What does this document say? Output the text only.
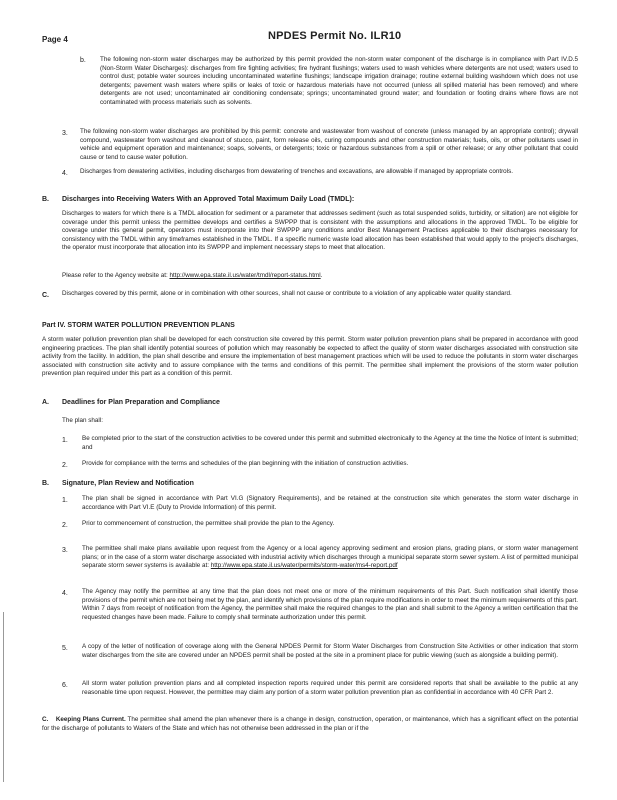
Page 4	NPDES Permit No. ILR10
b. The following non-storm water discharges may be authorized by this permit provided the non-storm water component of the discharge is in compliance with Part IV.D.5 (Non-Storm Water Discharges): discharges from fire fighting activities; fire hydrant flushings; waters used to wash vehicles where detergents are not used; waters used to control dust; potable water sources including uncontaminated waterline flushings; landscape irrigation drainage; routine external building washdown which does not use detergents; pavement wash waters where spills or leaks of toxic or hazardous materials have not occurred (unless all spilled material has been removed) and where detergents are not used; uncontaminated air conditioning condensate; springs; uncontaminated ground water; and foundation or footing drains where flows are not contaminated with process materials such as solvents.
3. The following non-storm water discharges are prohibited by this permit: concrete and wastewater from washout of concrete (unless managed by an appropriate control); drywall compound, wastewater from washout and cleanout of stucco, paint, form release oils, curing compounds and other construction materials; fuels, oils, or other pollutants used in vehicle and equipment operation and maintenance; soaps, solvents, or detergents; toxic or hazardous substances from a spill or other release; or any other pollutant that could cause or tend to cause water pollution.
4. Discharges from dewatering activities, including discharges from dewatering of trenches and excavations, are allowable if managed by appropriate controls.
B. Discharges into Receiving Waters With an Approved Total Maximum Daily Load (TMDL):
Discharges to waters for which there is a TMDL allocation for sediment or a parameter that addresses sediment (such as total suspended solids, turbidity, or siltation) are not eligible for coverage under this permit unless the permittee develops and certifies a SWPPP that is consistent with the assumptions and allocations in the approved TMDL. To be eligible for coverage under this general permit, operators must incorporate into their SWPPP any conditions and/or Best Management Practices applicable to their discharges necessary for consistency with the TMDL within any timeframes established in the TMDL. If a specific numeric waste load allocation has been established that would apply to the project's discharges, the operator must incorporate that allocation into its SWPPP and implement necessary steps to meet that allocation.
Please refer to the Agency website at: http://www.epa.state.il.us/water/tmdl/report-status.html.
C. Discharges covered by this permit, alone or in combination with other sources, shall not cause or contribute to a violation of any applicable water quality standard.
Part IV. STORM WATER POLLUTION PREVENTION PLANS
A storm water pollution prevention plan shall be developed for each construction site covered by this permit. Storm water pollution prevention plans shall be prepared in accordance with good engineering practices. The plan shall identify potential sources of pollution which may reasonably be expected to affect the quality of storm water discharges associated with construction site activity from the facility. In addition, the plan shall describe and ensure the implementation of best management practices which will be used to reduce the pollutants in storm water discharges associated with construction site activity and to assure compliance with the terms and conditions of this permit. The permittee shall implement the provisions of the storm water pollution prevention plan required under this part as a condition of this permit.
A. Deadlines for Plan Preparation and Compliance
The plan shall:
1. Be completed prior to the start of the construction activities to be covered under this permit and submitted electronically to the Agency at the time the Notice of Intent is submitted; and
2. Provide for compliance with the terms and schedules of the plan beginning with the initiation of construction activities.
B. Signature, Plan Review and Notification
1. The plan shall be signed in accordance with Part VI.G (Signatory Requirements), and be retained at the construction site which generates the storm water discharge in accordance with Part VI.E (Duty to Provide Information) of this permit.
2. Prior to commencement of construction, the permittee shall provide the plan to the Agency.
3. The permittee shall make plans available upon request from the Agency or a local agency approving sediment and erosion plans, grading plans, or storm water management plans; or in the case of a storm water discharge associated with industrial activity which discharges through a municipal separate storm sewer system. A list of permitted municipal separate storm sewer systems is available at: http://www.epa.state.il.us/water/permits/storm-water/ms4-report.pdf
4. The Agency may notify the permittee at any time that the plan does not meet one or more of the minimum requirements of this Part. Such notification shall identify those provisions of the permit which are not being met by the plan, and identify which provisions of the plan require modifications in order to meet the minimum requirements of this part. Within 7 days from receipt of notification from the Agency, the permittee shall make the required changes to the plan and shall submit to the Agency a written certification that the requested changes have been made. Failure to comply shall terminate authorization under this permit.
5. A copy of the letter of notification of coverage along with the General NPDES Permit for Storm Water Discharges from Construction Site Activities or other indication that storm water discharges from the site are covered under an NPDES permit shall be posted at the site in a prominent place for public viewing (such as alongside a building permit).
6. All storm water pollution prevention plans and all completed inspection reports required under this permit are considered reports that shall be available to the public at any reasonable time upon request. However, the permittee may claim any portion of a storm water pollution prevention plan as confidential in accordance with 40 CFR Part 2.
C. Keeping Plans Current. The permittee shall amend the plan whenever there is a change in design, construction, operation, or maintenance, which has a significant effect on the potential for the discharge of pollutants to Waters of the State and which has not otherwise been addressed in the plan or if the
